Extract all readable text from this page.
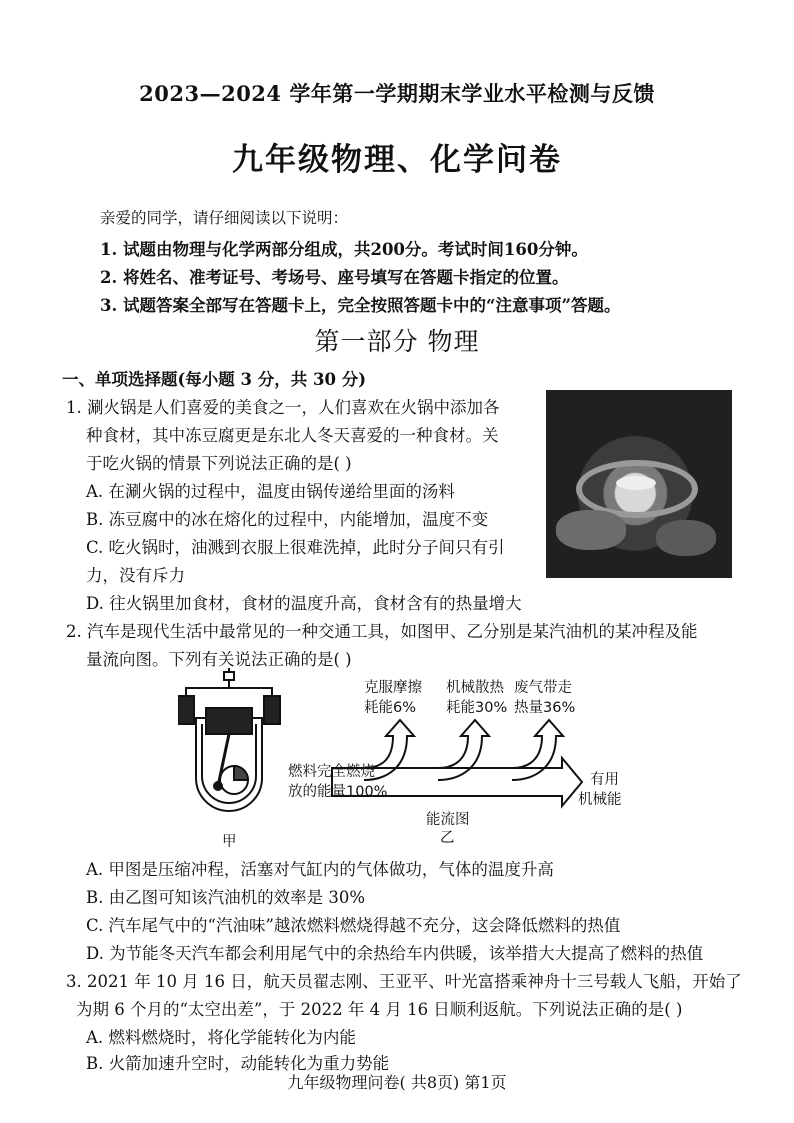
2023—2024 学年第一学期期末学业水平检测与反馈
九年级物理、化学问卷
亲爱的同学，请仔细阅读以下说明：
1. 试题由物理与化学两部分组成，共200分。考试时间160分钟。
2. 将姓名、准考证号、考场号、座号填写在答题卡指定的位置。
3. 试题答案全部写在答题卡上，完全按照答题卡中的“注意事项”答题。
第一部分 物理
一、单项选择题(每小题 3 分，共 30 分)
1. 涮火锅是人们喜爱的美食之一，人们喜欢在火锅中添加各
种食材，其中冻豆腐更是东北人冬天喜爱的一种食材。关
于吃火锅的情景下列说法正确的是( )
A. 在涮火锅的过程中，温度由锅传递给里面的汤料
B. 冻豆腐中的冰在熔化的过程中，内能增加，温度不变
C. 吃火锅时，油溅到衣服上很难洗掉，此时分子间只有引
力，没有斥力
D. 往火锅里加食材，食材的温度升高，食材含有的热量增大
2. 汽车是现代生活中最常见的一种交通工具，如图甲、乙分别是某汽油机的某冲程及能
量流向图。下列有关说法正确的是( )
克服摩擦
耗能6%
机械散热
耗能30%
废气带走
热量36%
燃料完全燃烧
放的能量100%
有用
机械能
能流图
乙
甲
A. 甲图是压缩冲程，活塞对气缸内的气体做功，气体的温度升高
B. 由乙图可知该汽油机的效率是 30%
C. 汽车尾气中的“汽油味”越浓燃料燃烧得越不充分，这会降低燃料的热值
D. 为节能冬天汽车都会利用尾气中的余热给车内供暖，该举措大大提高了燃料的热值
3. 2021 年 10 月 16 日，航天员翟志刚、王亚平、叶光富搭乘神舟十三号载人飞船，开始了
为期 6 个月的“太空出差”，于 2022 年 4 月 16 日顺利返航。下列说法正确的是( )
A. 燃料燃烧时，将化学能转化为内能
B. 火箭加速升空时，动能转化为重力势能
九年级物理问卷( 共8页) 第1页
